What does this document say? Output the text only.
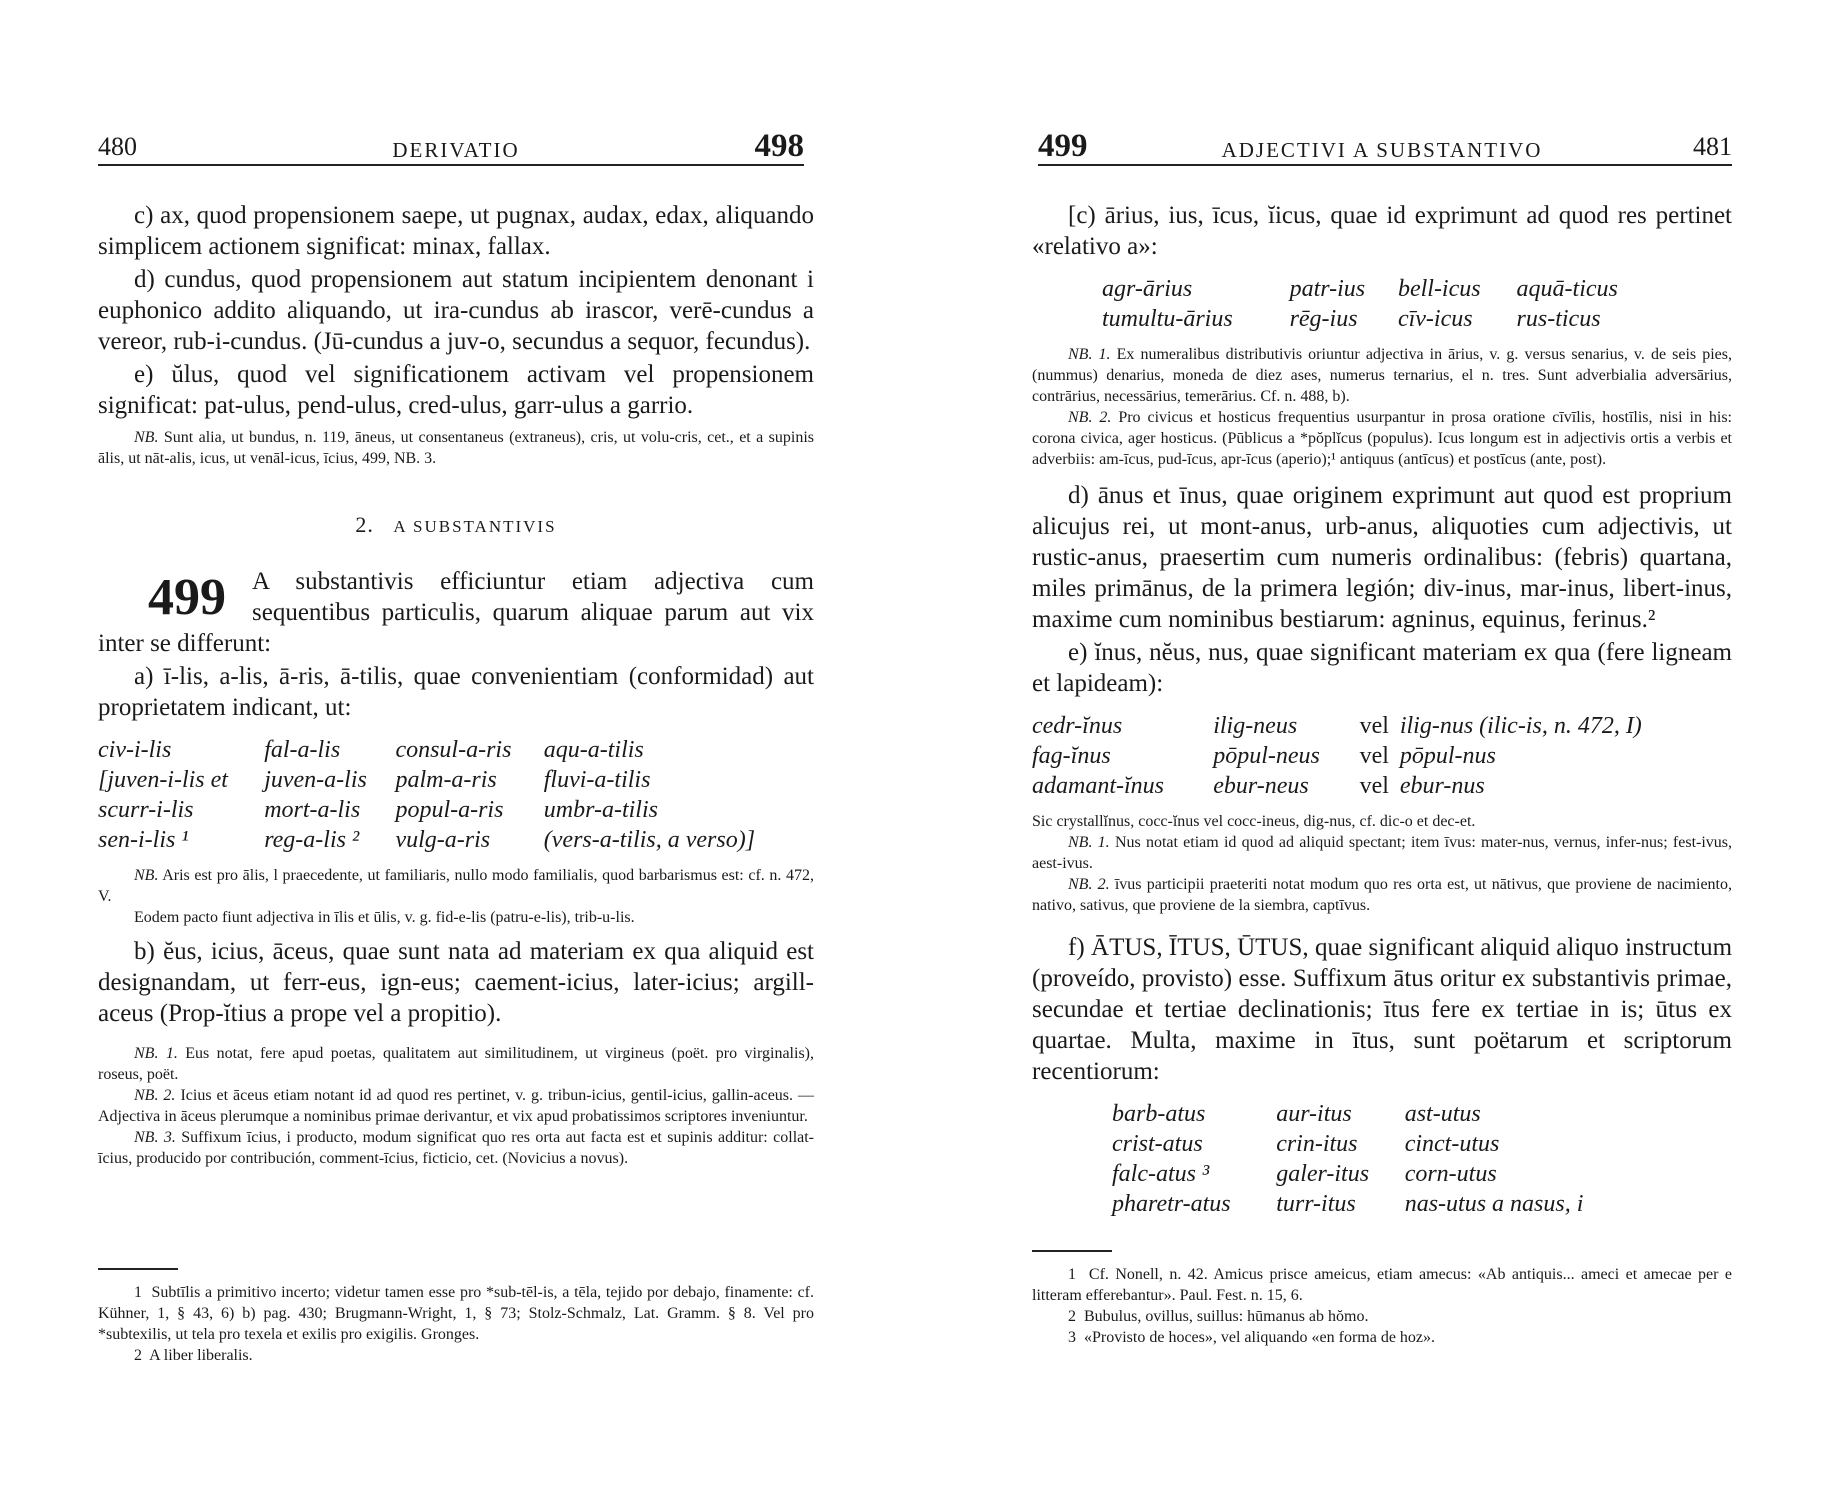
480	DERIVATIO	498

c) ax, quod propensionem saepe, ut pugnax, audax, edax, aliquando simplicem actionem significat: minax, fallax.

d) cundus, quod propensionem aut statum incipientem denonant i euphonico addito aliquando, ut ira-cundus ab irascor, verē-cundus a vereor, rub-i-cundus. (Jū-cundus a juv-o, secundus a sequor, fecundus).

e) ŭlus, quod vel significationem activam vel propensionem significat: pat-ulus, pend-ulus, cred-ulus, garr-ulus a garrio.

NB. Sunt alia, ut bundus, n. 119, āneus, ut consentaneus (extraneus), cris, ut volu-cris, cet., et a supinis ālis, ut nāt-alis, icus, ut venāl-icus, īcius, 499, NB. 3.

2. A SUBSTANTIVIS

499 A substantivis efficiuntur etiam adjectiva cum sequentibus particulis, quarum aliquae parum aut vix inter se differunt:

a) ī-lis, a-lis, ā-ris, ā-tilis, quae convenientiam (conformidad) aut proprietatem indicant, ut:

civ-i-lis	fal-a-lis	consul-a-ris	aqu-a-tilis
[juven-i-lis et	juven-a-lis	palm-a-ris	fluvi-a-tilis
scurr-i-lis	mort-a-lis	popul-a-ris	umbr-a-tilis
sen-i-lis ¹	reg-a-lis ²	vulg-a-ris	(vers-a-tilis, a verso)]

NB. Aris est pro ālis, l praecedente, ut familiaris, nullo modo familialis, quod barbarismus est: cf. n. 472, V.

Eodem pacto fiunt adjectiva in īlis et ūlis, v. g. fid-e-lis (patru-e-lis), trib-u-lis.

b) ĕus, icius, āceus, quae sunt nata ad materiam ex qua aliquid est designandam, ut ferr-eus, ign-eus; caement-icius, later-icius; argill-aceus (Prop-ĭtius a prope vel a propitio).

NB. 1. Eus notat, fere apud poetas, qualitatem aut similitudinem, ut virgineus (poët. pro virginalis), roseus, poët.

NB. 2. Icius et āceus etiam notant id ad quod res pertinet, v. g. tribun-icius, gentil-icius, gallin-aceus. — Adjectiva in āceus plerumque a nominibus primae derivantur, et vix apud probatissimos scriptores inveniuntur.

NB. 3. Suffixum īcius, i producto, modum significat quo res orta aut facta est et supinis additur: collat-īcius, producido por contribución, comment-īcius, ficticio, cet. (Novicius a novus).

1 Subtīlis a primitivo incerto; videtur tamen esse pro *sub-tēl-is, a tēla, tejido por debajo, finamente: cf. Kühner, 1, § 43, 6) b) pag. 430; Brugmann-Wright, 1, § 73; Stolz-Schmalz, Lat. Gramm. § 8. Vel pro *subtexilis, ut tela pro texela et exilis pro exigilis. Gronges.

2 A liber liberalis.

499	ADJECTIVI A SUBSTANTIVO	481

[c) ārius, ius, īcus, ĭicus, quae id exprimunt ad quod res pertinet «relativo a»:

agr-ārius	patr-ius	bell-icus	aquā-ticus
tumultu-ārius	rēg-ius	cīv-icus	rus-ticus

NB. 1. Ex numeralibus distributivis oriuntur adjectiva in ārius, v. g. versus senarius, v. de seis pies, (nummus) denarius, moneda de diez ases, numerus ternarius, el n. tres. Sunt adverbialia adversārius, contrārius, necessārius, temerārius. Cf. n. 488, b).

NB. 2. Pro civicus et hosticus frequentius usurpantur in prosa oratione cīvīlis, hostīlis, nisi in his: corona civica, ager hosticus. (Pūblicus a *pŏplĭcus (populus). Icus longum est in adjectivis ortis a verbis et adverbiis: am-īcus, pud-īcus, apr-īcus (aperio);¹ antiquus (antīcus) et postīcus (ante, post).

d) ānus et īnus, quae originem exprimunt aut quod est proprium alicujus rei, ut mont-anus, urb-anus, aliquoties cum adjectivis, ut rustic-anus, praesertim cum numeris ordinalibus: (febris) quartana, miles primānus, de la primera legión; div-inus, mar-inus, libert-inus, maxime cum nominibus bestiarum: agninus, equinus, ferinus.²

e) ĭnus, nĕus, nus, quae significant materiam ex qua (fere ligneam et lapideam):

cedr-ĭnus	ilig-neus	vel	ilig-nus (ilic-is, n. 472, I)
fag-ĭnus	pōpul-neus	vel	pōpul-nus
adamant-ĭnus	ebur-neus	vel	ebur-nus

Sic crystallĭnus, cocc-ĭnus vel cocc-ineus, dig-nus, cf. dic-o et dec-et.

NB. 1. Nus notat etiam id quod ad aliquid spectant; item īvus: mater-nus, vernus, infer-nus; fest-ivus, aest-ivus.

NB. 2. īvus participii praeteriti notat modum quo res orta est, ut nātivus, que proviene de nacimiento, nativo, sativus, que proviene de la siembra, captīvus.

f) ĀTUS, ĪTUS, ŪTUS, quae significant aliquid aliquo instructum (proveído, provisto) esse. Suffixum ātus oritur ex substantivis primae, secundae et tertiae declinationis; ītus fere ex tertiae in is; ūtus ex quartae. Multa, maxime in ītus, sunt poëtarum et scriptorum recentiorum:

barb-atus	aur-itus	ast-utus
crist-atus	crin-itus	cinct-utus
falc-atus ³	galer-itus	corn-utus
pharetr-atus	turr-itus	nas-utus a nasus, i

1 Cf. Nonell, n. 42. Amicus prisce ameicus, etiam amecus: «Ab antiquis... ameci et amecae per e litteram efferebantur». Paul. Fest. n. 15, 6.

2 Bubulus, ovillus, suillus: hūmanus ab hŏmo.

3 «Provisto de hoces», vel aliquando «en forma de hoz».
